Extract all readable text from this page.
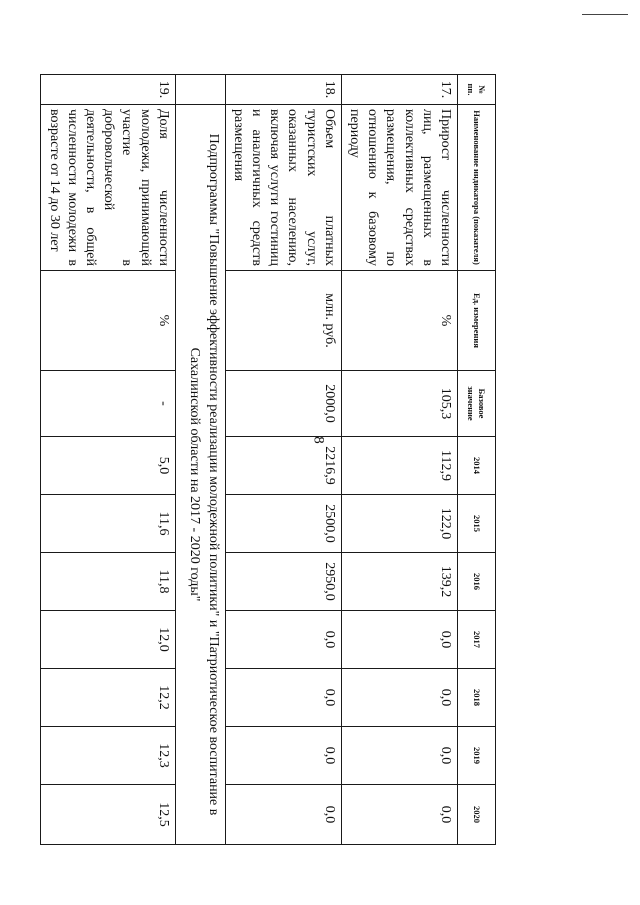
8
№ пп.	Наименование индикатора (показателя)	Ед. измерения	Базовое значение	2014	2015	2016	2017	2018	2019	2020
17.	Прирост численности лиц, размещенных в коллективных средствах размещения, по отношению к базовому периоду	%	105,3	112,9	122,0	139,2	0,0	0,0	0,0	0,0
18.	Объем платных туристских услуг, оказанных населению, включая услуги гостиниц и аналогичных средств размещения	млн. руб.	2000,0	2216,9	2500,0	2950,0	0,0	0,0	0,0	0,0
	Подпрограммы "Повышение эффективности реализации молодежной политики" и "Патриотическое воспитание в Сахалинской области на 2017 - 2020 годы"									
19.	Доля численности молодежи, принимающей участие в добровольческой деятельности, в общей численности молодежи в возрасте от 14 до 30 лет	%	-	5,0	11,6	11,8	12,0	12,2	12,3	12,5
